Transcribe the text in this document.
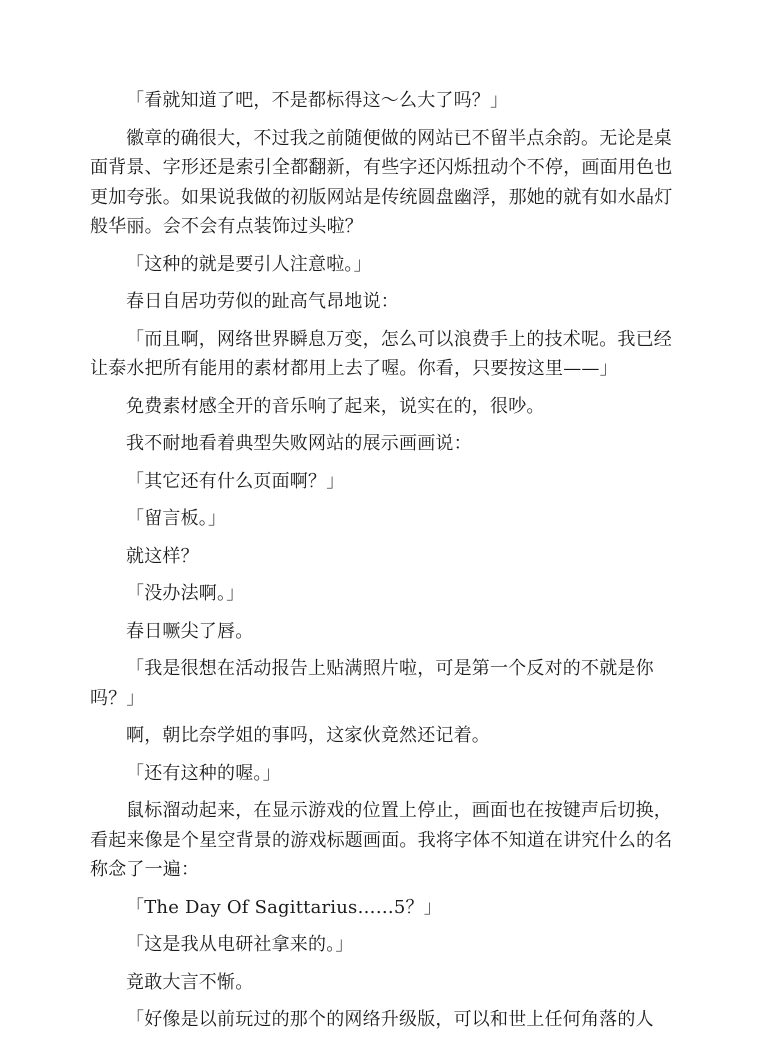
「看就知道了吧，不是都标得这～么大了吗？」

徽章的确很大，不过我之前随便做的网站已不留半点余韵。无论是桌面背景、字形还是索引全都翻新，有些字还闪烁扭动个不停，画面用色也更加夸张。如果说我做的初版网站是传统圆盘幽浮，那她的就有如水晶灯般华丽。会不会有点装饰过头啦？

「这种的就是要引人注意啦。」

春日自居功劳似的趾高气昂地说：

「而且啊，网络世界瞬息万变，怎么可以浪费手上的技术呢。我已经让泰水把所有能用的素材都用上去了喔。你看，只要按这里——」

免费素材感全开的音乐响了起来，说实在的，很吵。

我不耐地看着典型失败网站的展示画画说：

「其它还有什么页面啊？」

「留言板。」

就这样？

「没办法啊。」

春日噘尖了唇。

「我是很想在活动报告上贴满照片啦，可是第一个反对的不就是你吗？」

啊，朝比奈学姐的事吗，这家伙竟然还记着。

「还有这种的喔。」

鼠标溜动起来，在显示游戏的位置上停止，画面也在按键声后切换，看起来像是个星空背景的游戏标题画面。我将字体不知道在讲究什么的名称念了一遍：

「The Day Of Sagittarius……5？」

「这是我从电研社拿来的。」

竟敢大言不惭。

「好像是以前玩过的那个的网络升级版，可以和世上任何角落的人
